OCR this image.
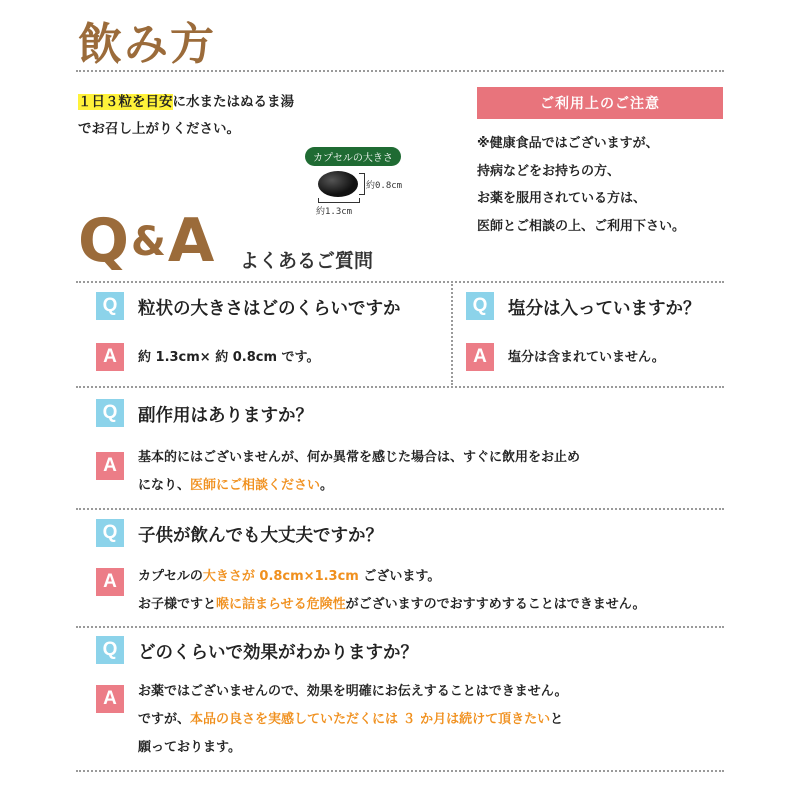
飲み方
１日３粒を目安に水またはぬるま湯
でお召し上がりください。
カプセルの大きさ
約0.8cm
約1.3cm
ご利用上のご注意
※健康食品ではございますが、
持病などをお持ちの方、
お薬を服用されている方は、
医師とご相談の上、ご利用下さい。
Q &A よくあるご質問
Q	粒状の大きさはどのくらいですか
A	約 1.3cm× 約 0.8cm です。
Q	塩分は入っていますか？
A	塩分は含まれていません。
Q	副作用はありますか？
A	基本的にはございませんが、何か異常を感じた場合は、すぐに飲用をお止め
になり、医師にご相談ください。
Q	子供が飲んでも大丈夫ですか？
A	カプセルの大きさが 0.8cm×1.3cm ございます。
お子様ですと喉に詰まらせる危険性がございますのでおすすめすることはできません。
Q	どのくらいで効果がわかりますか？
A	お薬ではございませんので、効果を明確にお伝えすることはできません。
ですが、本品の良さを実感していただくには ３ か月は続けて頂きたいと
願っております。
